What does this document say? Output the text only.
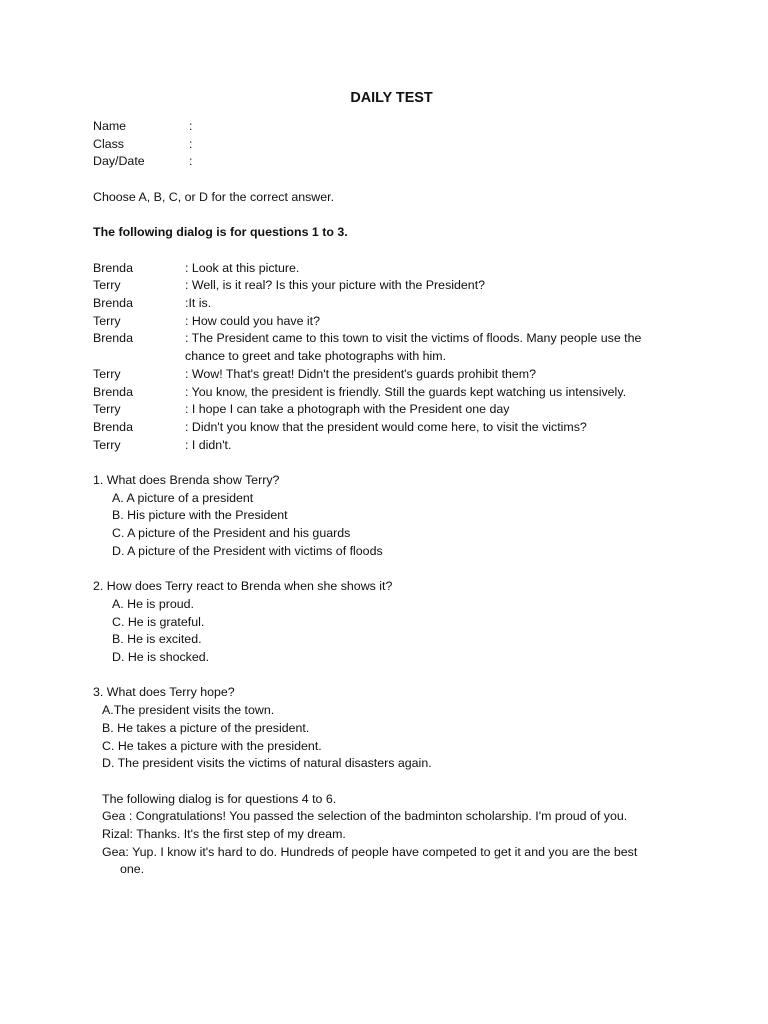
DAILY TEST
Name	:
Class	:
Day/Date	:
Choose A, B, C, or D for the correct answer.
The following dialog is for questions 1 to 3.
Brenda	: Look at this picture.
Terry	: Well, is it real? Is this your picture with the President?
Brenda	:It is.
Terry	: How could you have it?
Brenda	: The President came to this town to visit the victims of floods. Many people use the
chance to greet and take photographs with him.
Terry	: Wow! That's great! Didn't the president's guards prohibit them?
Brenda	: You know, the president is friendly. Still the guards kept watching us intensively.
Terry	: I hope I can take a photograph with the President one day
Brenda	: Didn't you know that the president would come here, to visit the victims?
Terry	: I didn't.
1. What does Brenda show Terry?
A. A picture of a president
B. His picture with the President
C. A picture of the President and his guards
D. A picture of the President with victims of floods
2. How does Terry react to Brenda when she shows it?
A. He is proud.
C. He is grateful.
B. He is excited.
D. He is shocked.
3. What does Terry hope?
A.The president visits the town.
B. He takes a picture of the president.
C. He takes a picture with the president.
D. The president visits the victims of natural disasters again.
The following dialog is for questions 4 to 6.
Gea : Congratulations! You passed the selection of the badminton scholarship. I'm proud of you.
Rizal: Thanks. It's the first step of my dream.
Gea: Yup. I know it's hard to do. Hundreds of people have competed to get it and you are the best
one.
